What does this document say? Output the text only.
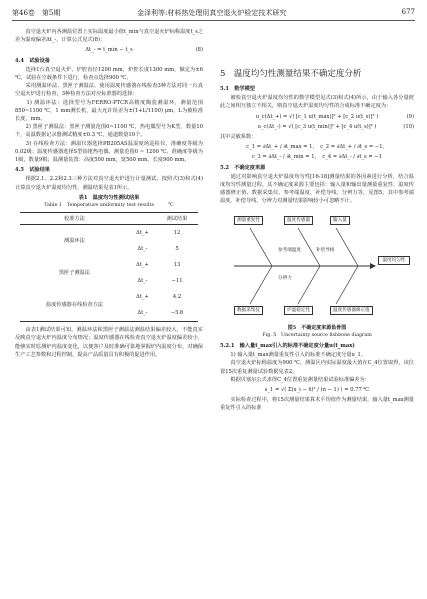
第46卷　第5期	金泽利等:材料热处理用真空退火炉检定技术研究	677

　　真空退火炉内各测温位置上实际温度最小值t_min与真空退火炉标称温度t_s之差为温度偏差Δt_-，计算公式见式(8)：

Δt_- = t_min − t_s	(8)
4.4　试验设备

　　选择1台真空退火炉，炉腔直径1200 mm，炉腔长度1300 mm，额定为±6 ℃，试验在空载条件下进行，检查点选择900 ℃。

　　采用测温环法、黑匣子测温法、使用温度传感器在线检查3种方法对同一台真空退火炉进行检查，3种检查方法对应标准器的选择：

　　1) 测温环法：选择型号为FERRO-PTCR高精度陶瓷测温环，测量范围850~1100 ℃，1 mm测长机，最大允许误差为±(1+L/1100) μm，L为被检准长度，mm。

　　2) 黑匣子测温法：黑匣子测量范围0~1100 ℃，热电偶型号为K型，数量10个，高温数据记录器测试精度±0.3 ℃，通道数量10个。

　　3) 在线检查方法：测温仪器选择PB205AS温湿度场巡检仪，准确度等级为0.02级；温度传感器选择S型铂铑热电偶，测量范围0 ~ 1200 ℃，准确度等级为1级，数量9根；温测量装置：高度500 mm，宽500 mm，长度900 mm。

4.5　试验结果

　　根据2.1、2.2和2.3三种方法对真空退火炉进行计量测试，按照式(3)和式(4)计算真空退火炉温度均匀性，测温结果见表1所示。

表1　温度均匀性测试结果
Table 1　Temperature uniformity test results　　　℃
校准方法		测试结果
测温环法	Δt_+	12
	Δt_-	5
黑匣子测温法	Δt_+	13
	Δt_-	−11
温度传感器在线检查方法	Δt_+	4.2
	Δt_-	−5.6

　　由表1测试结果可知，测温环法和黑匣子测温法测温结果偏差较大，不能真实反映真空退火炉内温度分布情况；温度传感器在线检查真空退火炉温度偏差较小，能够实时监测炉内温度变化，以便客户及时准确可靠地掌握炉内温度分布，对确保生产工艺参数和过程控制，提高产品质量具有积极的促进作用。

5　温度均匀性测量结果不确定度分析
5.1　数学模型

　　被检真空退火炉温度均匀性的数学模型见式(3)和式(4)所示，由于输入各分量彼此之间相互独立不相关，则真空退火炉温度均匀性的合成标准不确定度为：

u_c(Δt_+) = √( [c_1 u(t_max)]² + [c_2 u(t_s)]² )	(9)
u_c(Δt_-) = √( [c_3 u(t_min)]² + [c_4 u(t_s)]² )	(10)

其中灵敏系数：

c_1 = ∂Δt_+ / ∂t_max = 1，　c_2 = ∂Δt_+ / ∂t_s = −1，
c_3 = ∂Δt_- / ∂t_min = 1，　c_4 = ∂Δt_- / ∂t_s = −1
5.2　不确定度来源

　　通过对影响真空退火炉温度均匀性[16-18]测量结果的各因素进行分析，结合温度均匀性测量过程，其不确定度来源主要包括：输入量和输出量测量重复性、温度传感器修正值、数据采集仪、参考端温度、补偿导线、分辨力等，见图5。其中参考端温度、补偿导线、分辨力对测量结果影响较小可忽略不计。

测量重复性	温度传感器	输入量
参考端温度
温度均匀性
补偿导线
数据采集仪
分辨力
炉温稳定性	温度传感器修正值
图5　不确定度来源鱼骨图
Fig. 5　Uncertainty source fishbone diagram
5.2.1　输入量t_max引入的标准不确定度分量u(t_max)

　　1) 输入量t_max测量重复性引入的标准不确定度分量u_1。

　　真空退火炉标称温度为900 ℃，测温区内实际温度最大值在C_4位置取得，该位置15次重复测量试验数据见表2。

　　根据贝塞尔公式求得C_4位置重复测量结果试验标准偏差为：

s_1 = √( Σ(x_i − x̄)² / (n − 1) ) = 0.77 ℃

　　实际检查过程中，将15次测量结果算术平均值作为测量结果，输入量t_max测量重复性引入的标准
